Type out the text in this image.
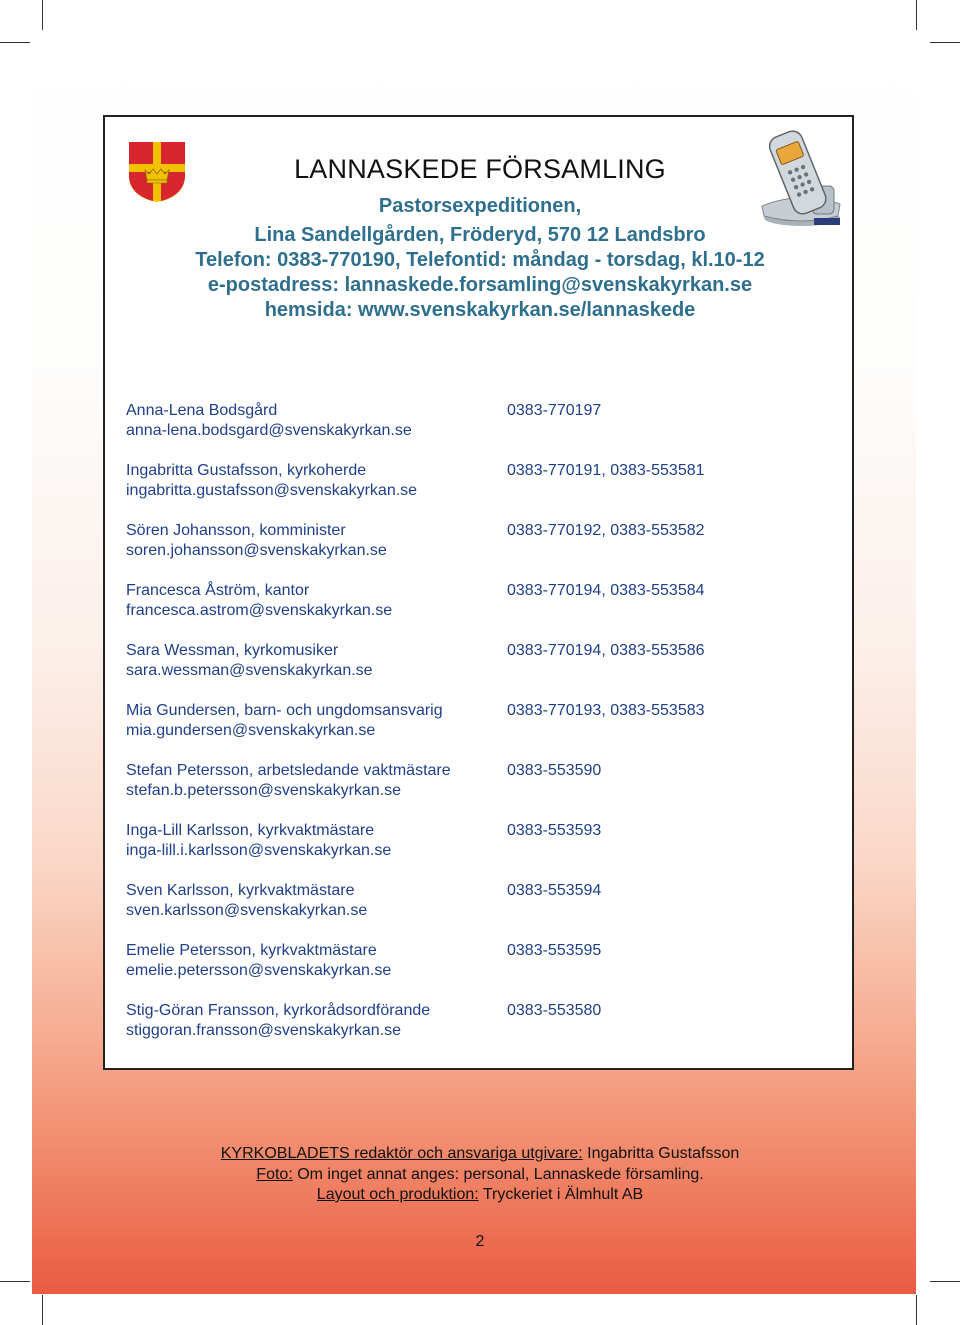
LANNASKEDE FÖRSAMLING
Pastorsexpeditionen,
Lina Sandellgården, Fröderyd, 570 12 Landsbro
Telefon: 0383-770190, Telefontid: måndag - torsdag, kl.10-12
e-postadress: lannaskede.forsamling@svenskakyrkan.se
hemsida: www.svenskakyrkan.se/lannaskede
Anna-Lena Bodsgård	0383-770197
anna-lena.bodsgard@svenskakyrkan.se
Ingabritta Gustafsson, kyrkoherde	0383-770191, 0383-553581
ingabritta.gustafsson@svenskakyrkan.se
Sören Johansson, komminister	0383-770192, 0383-553582
soren.johansson@svenskakyrkan.se
Francesca Åström, kantor	0383-770194, 0383-553584
francesca.astrom@svenskakyrkan.se
Sara Wessman, kyrkomusiker	0383-770194, 0383-553586
sara.wessman@svenskakyrkan.se
Mia Gundersen, barn- och ungdomsansvarig	0383-770193, 0383-553583
mia.gundersen@svenskakyrkan.se
Stefan Petersson, arbetsledande vaktmästare	0383-553590
stefan.b.petersson@svenskakyrkan.se
Inga-Lill Karlsson, kyrkvaktmästare	0383-553593
inga-lill.i.karlsson@svenskakyrkan.se
Sven Karlsson, kyrkvaktmästare	0383-553594
sven.karlsson@svenskakyrkan.se
Emelie Petersson, kyrkvaktmästare	0383-553595
emelie.petersson@svenskakyrkan.se
Stig-Göran Fransson, kyrkorådsordförande	0383-553580
stiggoran.fransson@svenskakyrkan.se
KYRKOBLADETS redaktör och ansvariga utgivare: Ingabritta Gustafsson
Foto: Om inget annat anges: personal, Lannaskede församling.
Layout och produktion: Tryckeriet i Älmhult AB
2
